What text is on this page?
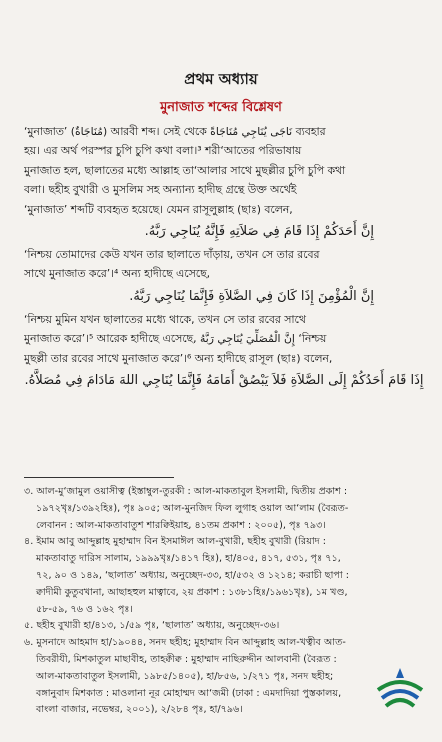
প্রথম অধ্যায়
মুনাজাত শব্দের বিশ্লেষণ
‘মুনাজাত’ (مُنَاجَاةٌ) আরবী শব্দ। সেই থেকে نَاجَى يُنَاجِي مُنَاجَاةً ব্যবহার
হয়। এর অর্থ পরস্পর চুপি চুপি কথা বলা।³ শরী‘আতের পরিভাষায়
মুনাজাত হল, ছালাতের মধ্যে আল্লাহ তা‘আলার সাথে মুছল্লীর চুপি চুপি কথা
বলা। ছহীহ বুখারী ও মুসলিম সহ অন্যান্য হাদীছ গ্রন্থে উক্ত অর্থেই
‘মুনাজাত’ শব্দটি ব্যবহৃত হয়েছে। যেমন রাসূলুল্লাহ (ছাঃ) বলেন,
إِنَّ أَحَدَكُمْ إِذَا قَامَ فِي صَلاَتِهِ فَإِنَّهُ يُنَاجِي رَبَّهُ.
‘নিশ্চয় তোমাদের কেউ যখন তার ছালাতে দাঁড়ায়, তখন সে তার রবের
সাথে মুনাজাত করে’।⁴ অন্য হাদীছে এসেছে,
إِنَّ الْمُؤْمِنَ إِذَا كَانَ فِي الصَّلاَةِ فَإِنَّمَا يُنَاجِي رَبَّهُ.
‘নিশ্চয় মুমিন যখন ছালাতের মধ্যে থাকে, তখন সে তার রবের সাথে
মুনাজাত করে’।⁵ আরেক হাদীছে এসেছে, إِنَّ الْمُصَلِّيَ يُنَاجِي رَبَّهُ ‘নিশ্চয়
মুছল্লী তার রবের সাথে মুনাজাত করে’।⁶ অন্য হাদীছে রাসূল (ছাঃ) বলেন,
إِذَا قَامَ أَحَدُكُمْ إِلَى الصَّلاَةِ فَلاَ يَبْصُقْ أَمَامَهُ فَإِنَّمَا يُنَاجِي اللهَ مَادَامَ فِي مُصَلاَّهُ.
৩. আল-মু‘জামুল ওয়াসীত্ব (ইস্তাম্বুল-তুরকী : আল-মাকতাবুল ইসলামী, দ্বিতীয় প্রকাশ :
১৯৭২খৃঃ/১৩৯২হিঃ), পৃঃ ৯০৫; আল-মুনজিদ ফিল লুগাহ ওয়াল আ‘লাম (বৈরূত-
লেবানন : আল-মাকতাবাতুশ শারক্বিইয়াহ, ৪১তম প্রকাশ : ২০০৫), পৃঃ ৭৯৩।
৪. ইমাম আবু আব্দুল্লাহ মুহাম্মাদ বিন ইসমাঈল আল-বুখারী, ছহীহ বুখারী (রিয়াদ :
মাকতাবাতু দারিস সালাম, ১৯৯৯খৃঃ/১৪১৭ হিঃ), হা/৪০৫, ৪১৭, ৫৩১, পৃঃ ৭১,
৭২, ৯০ ও ১৪৯, ‘ছালাত’ অধ্যায়, অনুচ্ছেদ-৩৩, হা/৫৩২ ও ১২১৪; করাচী ছাপা :
ক্বাদীমী কুতুবখানা, আছাহহুল মাত্বাবে, ২য় প্রকাশ : ১৩৮১হিঃ/১৯৬১খৃঃ), ১ম খণ্ড,
৫৮-৫৯, ৭৬ ও ১৬২ পৃঃ।
৫. ছহীহ বুখারী হা/৪১৩, ১/৫৯ পৃঃ, ‘ছালাত’ অধ্যায়, অনুচ্ছেদ-৩৬।
৬. মুসনাদে আহমাদ হা/১৯০৪৪, সনদ ছহীহ; মুহাম্মাদ বিন আব্দুল্লাহ আল-খত্বীব আত-
তিবরীযী, মিশকাতুল মাছাবীহ, তাহক্বীক্ব : মুহাম্মাদ নাছিরুদ্দীন আলবানী (বৈরূত :
আল-মাকতাবাতুল ইসলামী, ১৯৮৫/১৪০৫), হা/৮৫৬, ১/২৭১ পৃঃ, সনদ ছহীহ;
বঙ্গানুবাদ মিশকাত : মাওলানা নূর মোহাম্মদ আ‘জমী (ঢাকা : এমদাদিয়া পুস্তকালয়,
বাংলা বাজার, নভেম্বর, ২০০১), ২/২৮৪ পৃঃ, হা/৭৯৬।
